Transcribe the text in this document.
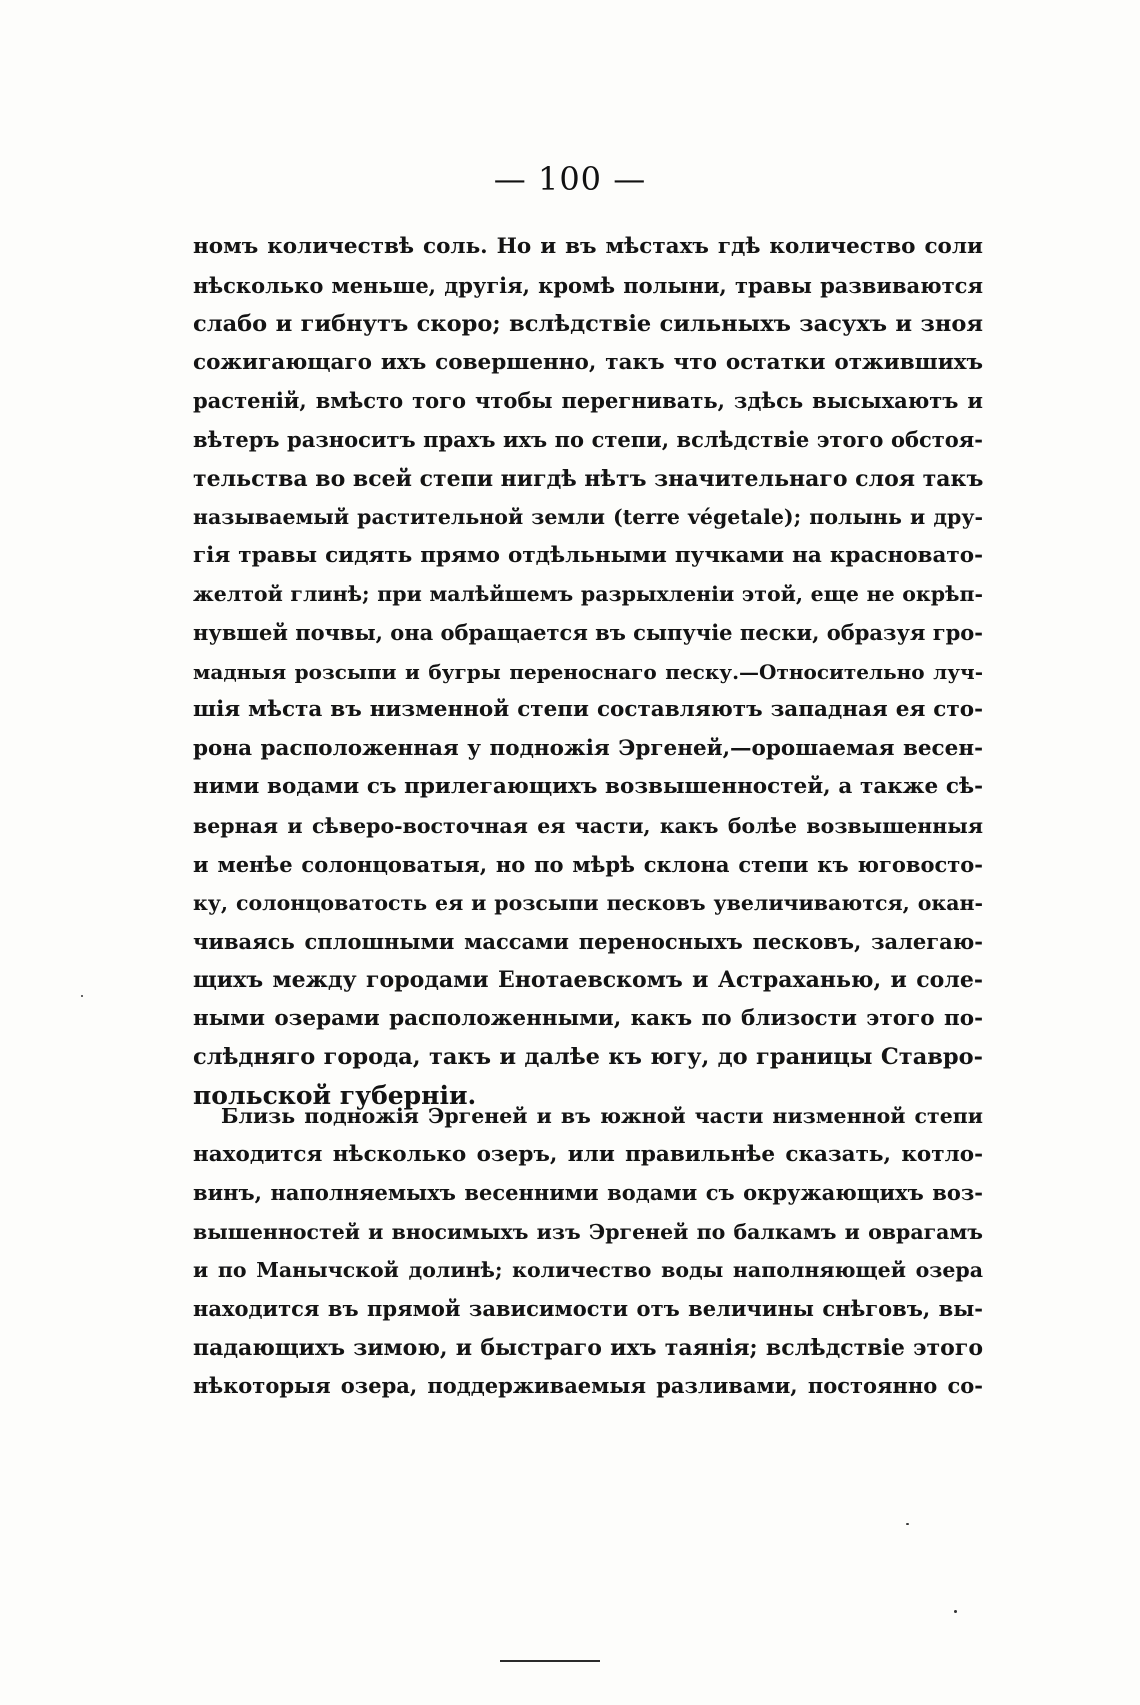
— 100 —
номъ количествѣ соль. Но и въ мѣстахъ гдѣ количество соли
нѣсколько меньше, другія, кромѣ полыни, травы развиваются
слабо и гибнутъ скоро; вслѣдствіе сильныхъ засухъ и зноя
сожигающаго ихъ совершенно, такъ что остатки отжившихъ
растеній, вмѣсто того чтобы перегнивать, здѣсь высыхаютъ и
вѣтеръ разноситъ прахъ ихъ по степи, вслѣдствіе этого обстоя-
тельства во всей степи нигдѣ нѣтъ значительнаго слоя такъ
называемый растительной земли (terre végetale); полынь и дру-
гія травы сидять прямо отдѣльными пучками на красновато-
желтой глинѣ; при малѣйшемъ разрыхленіи этой, еще не окрѣп-
нувшей почвы, она обращается въ сыпучіе пески, образуя гро-
мадныя розсыпи и бугры переноснаго песку.—Относительно луч-
шія мѣста въ низменной степи составляютъ западная ея сто-
рона расположенная у подножія Эргеней,—орошаемая весен-
ними водами съ прилегающихъ возвышенностей, а также сѣ-
верная и сѣверо-восточная ея части, какъ болѣе возвышенныя
и менѣе солонцоватыя, но по мѣрѣ склона степи къ юговосто-
ку, солонцоватость ея и розсыпи песковъ увеличиваются, окан-
чиваясь сплошными массами переносныхъ песковъ, залегаю-
щихъ между городами Енотаевскомъ и Астраханью, и соле-
ными озерами расположенными, какъ по близости этого по-
слѣдняго города, такъ и далѣе къ югу, до границы Ставро-
польской губерніи.
Близь подножія Эргеней и въ южной части низменной степи
находится нѣсколько озеръ, или правильнѣе сказать, котло-
винъ, наполняемыхъ весенними водами съ окружающихъ воз-
вышенностей и вносимыхъ изъ Эргеней по балкамъ и оврагамъ
и по Манычской долинѣ; количество воды наполняющей озера
находится въ прямой зависимости отъ величины снѣговъ, вы-
падающихъ зимою, и быстраго ихъ таянія; вслѣдствіе этого
нѣкоторыя озера, поддерживаемыя разливами, постоянно со-
